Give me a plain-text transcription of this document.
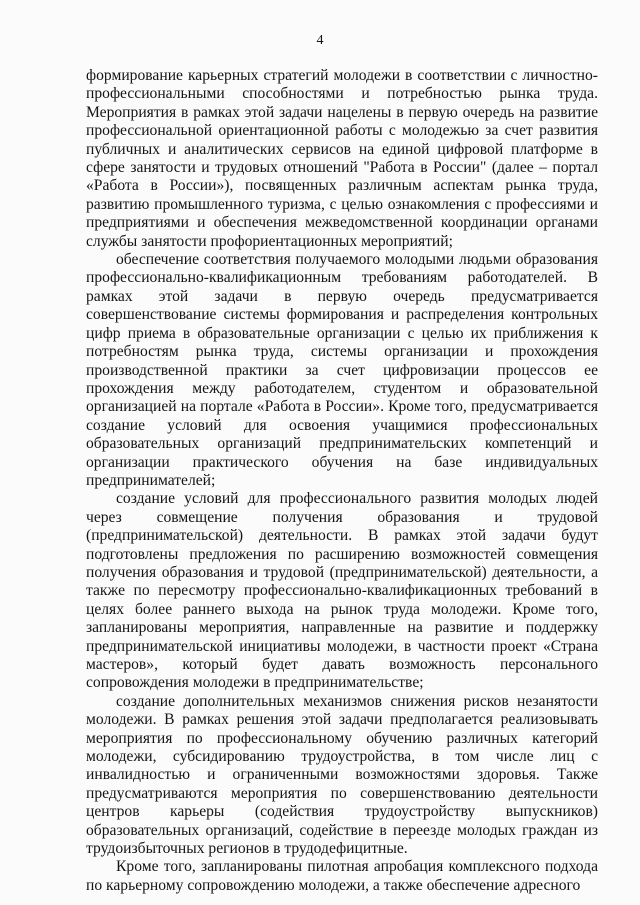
4

формирование карьерных стратегий молодежи в соответствии с личностно-профессиональными способностями и потребностью рынка труда. Мероприятия в рамках этой задачи нацелены в первую очередь на развитие профессиональной ориентационной работы с молодежью за счет развития публичных и аналитических сервисов на единой цифровой платформе в сфере занятости и трудовых отношений "Работа в России" (далее – портал «Работа в России»), посвященных различным аспектам рынка труда, развитию промышленного туризма, с целью ознакомления с профессиями и предприятиями и обеспечения межведомственной координации органами службы занятости профориентационных мероприятий;

обеспечение соответствия получаемого молодыми людьми образования профессионально-квалификационным требованиям работодателей. В рамках этой задачи в первую очередь предусматривается совершенствование системы формирования и распределения контрольных цифр приема в образовательные организации с целью их приближения к потребностям рынка труда, системы организации и прохождения производственной практики за счет цифровизации процессов ее прохождения между работодателем, студентом и образовательной организацией на портале «Работа в России». Кроме того, предусматривается создание условий для освоения учащимися профессиональных образовательных организаций предпринимательских компетенций и организации практического обучения на базе индивидуальных предпринимателей;

создание условий для профессионального развития молодых людей через совмещение получения образования и трудовой (предпринимательской) деятельности. В рамках этой задачи будут подготовлены предложения по расширению возможностей совмещения получения образования и трудовой (предпринимательской) деятельности, а также по пересмотру профессионально-квалификационных требований в целях более раннего выхода на рынок труда молодежи. Кроме того, запланированы мероприятия, направленные на развитие и поддержку предпринимательской инициативы молодежи, в частности проект «Страна мастеров», который будет давать возможность персонального сопровождения молодежи в предпринимательстве;

создание дополнительных механизмов снижения рисков незанятости молодежи. В рамках решения этой задачи предполагается реализовывать мероприятия по профессиональному обучению различных категорий молодежи, субсидированию трудоустройства, в том числе лиц с инвалидностью и ограниченными возможностями здоровья. Также предусматриваются мероприятия по совершенствованию деятельности центров карьеры (содействия трудоустройству выпускников) образовательных организаций, содействие в переезде молодых граждан из трудоизбыточных регионов в трудодефицитные.

Кроме того, запланированы пилотная апробация комплексного подхода по карьерному сопровождению молодежи, а также обеспечение адресного
